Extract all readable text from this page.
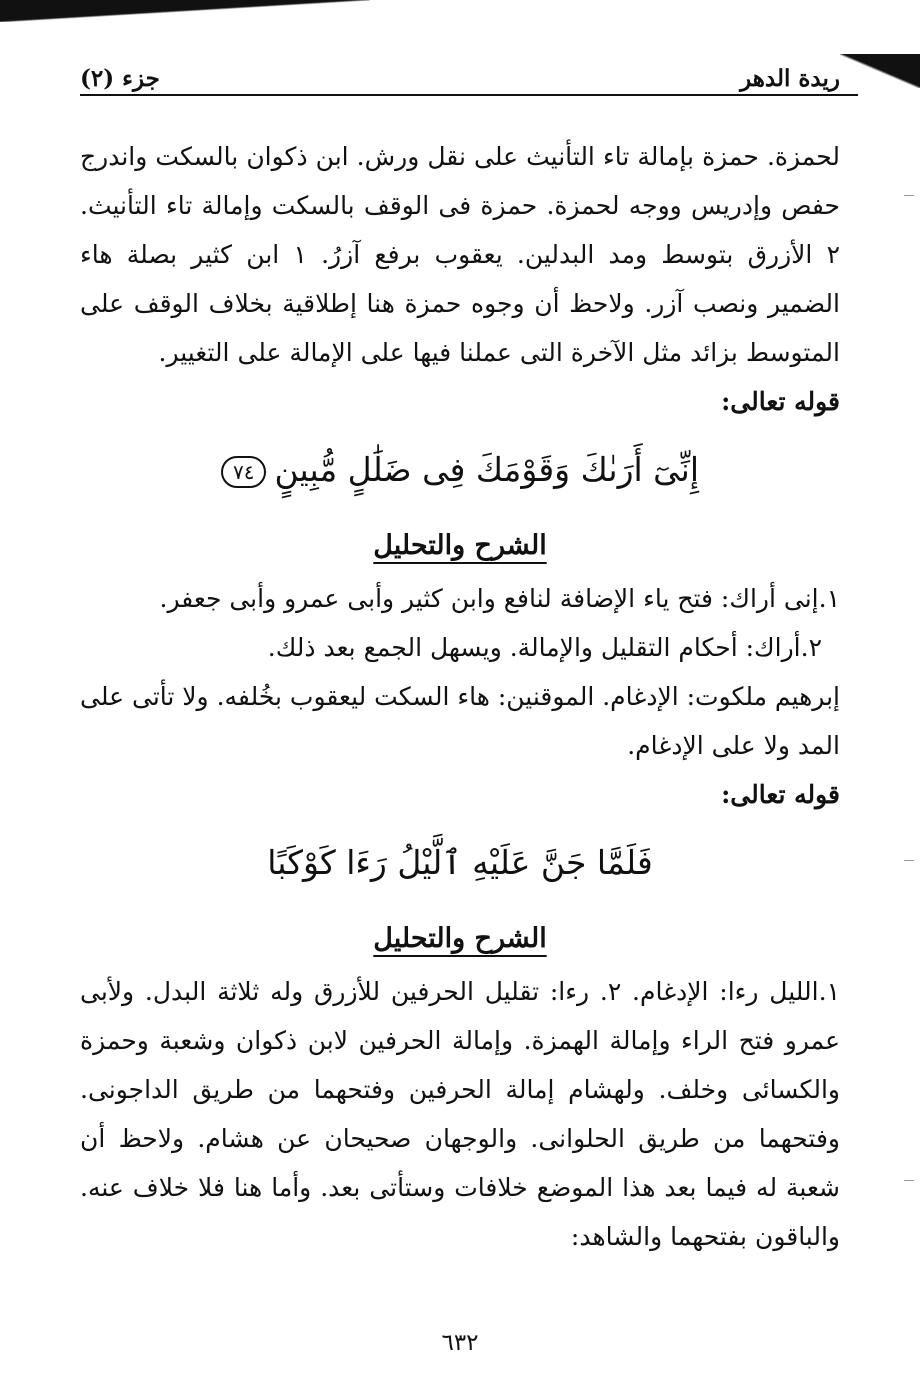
جزء (٢)	ريدة الدهر

لحمزة. حمزة بإمالة تاء التأنيث على نقل ورش. ابن ذكوان بالسكت واندرج حفص وإدريس ووجه لحمزة. حمزة فى الوقف بالسكت وإمالة تاء التأنيث. ٢ الأزرق بتوسط ومد البدلين. يعقوب برفع آزرُ. ١ ابن كثير بصلة هاء الضمير ونصب آزر. ولاحظ أن وجوه حمزة هنا إطلاقية بخلاف الوقف على المتوسط بزائد مثل الآخرة التى عملنا فيها على الإمالة على التغيير.

قوله تعالى:

إِنِّىٓ أَرَىٰكَ وَقَوْمَكَ فِى ضَلَٰلٍ مُّبِينٍ٧٤
الشرح والتحليل

١.إنى أراك: فتح ياء الإضافة لنافع وابن كثير وأبى عمرو وأبى جعفر.

٢.أراك: أحكام التقليل والإمالة. ويسهل الجمع بعد ذلك.

إبرهيم ملكوت: الإدغام. الموقنين: هاء السكت ليعقوب بخُلفه. ولا تأتى على المد ولا على الإدغام.

قوله تعالى:

فَلَمَّا جَنَّ عَلَيْهِ ٱلَّيْلُ رَءَا كَوْكَبًا
الشرح والتحليل

١.الليل رءا: الإدغام. ٢. رءا: تقليل الحرفين للأزرق وله ثلاثة البدل. ولأبى عمرو فتح الراء وإمالة الهمزة. وإمالة الحرفين لابن ذكوان وشعبة وحمزة والكسائى وخلف. ولهشام إمالة الحرفين وفتحهما من طريق الداجونى. وفتحهما من طريق الحلوانى. والوجهان صحيحان عن هشام. ولاحظ أن شعبة له فيما بعد هذا الموضع خلافات وستأتى بعد. وأما هنا فلا خلاف عنه. والباقون بفتحهما والشاهد:

٦٣٢
